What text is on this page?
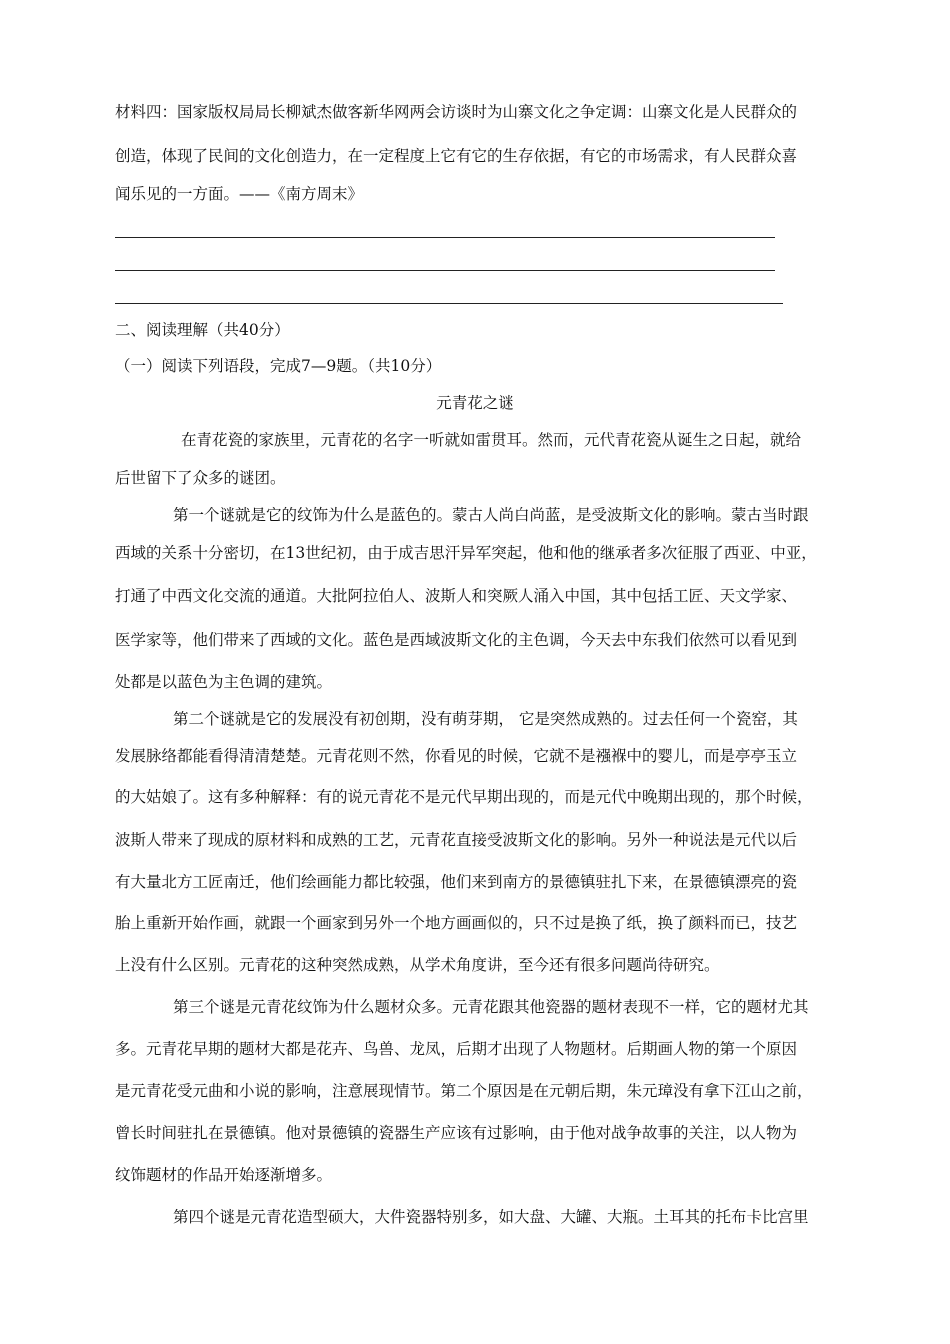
材料四：国家版权局局长柳斌杰做客新华网两会访谈时为山寨文化之争定调：山寨文化是人民群众的
创造，体现了民间的文化创造力，在一定程度上它有它的生存依据，有它的市场需求，有人民群众喜
闻乐见的一方面。——《南方周末》
二、阅读理解（共40分）
（一）阅读下列语段，完成7—9题。（共10分）
元青花之谜
在青花瓷的家族里，元青花的名字一听就如雷贯耳。然而，元代青花瓷从诞生之日起，就给
后世留下了众多的谜团。
第一个谜就是它的纹饰为什么是蓝色的。蒙古人尚白尚蓝，是受波斯文化的影响。蒙古当时跟
西域的关系十分密切，在13世纪初，由于成吉思汗异军突起，他和他的继承者多次征服了西亚、中亚，
打通了中西文化交流的通道。大批阿拉伯人、波斯人和突厥人涌入中国，其中包括工匠、天文学家、
医学家等，他们带来了西域的文化。蓝色是西域波斯文化的主色调，今天去中东我们依然可以看见到
处都是以蓝色为主色调的建筑。
第二个谜就是它的发展没有初创期，没有萌芽期， 它是突然成熟的。过去任何一个瓷窑，其
发展脉络都能看得清清楚楚。元青花则不然，你看见的时候，它就不是襁褓中的婴儿，而是亭亭玉立
的大姑娘了。这有多种解释：有的说元青花不是元代早期出现的，而是元代中晚期出现的，那个时候，
波斯人带来了现成的原材料和成熟的工艺，元青花直接受波斯文化的影响。另外一种说法是元代以后
有大量北方工匠南迁，他们绘画能力都比较强，他们来到南方的景德镇驻扎下来，在景德镇漂亮的瓷
胎上重新开始作画，就跟一个画家到另外一个地方画画似的，只不过是换了纸，换了颜料而已，技艺
上没有什么区别。元青花的这种突然成熟，从学术角度讲，至今还有很多问题尚待研究。
第三个谜是元青花纹饰为什么题材众多。元青花跟其他瓷器的题材表现不一样，它的题材尤其
多。元青花早期的题材大都是花卉、鸟兽、龙凤，后期才出现了人物题材。后期画人物的第一个原因
是元青花受元曲和小说的影响，注意展现情节。第二个原因是在元朝后期，朱元璋没有拿下江山之前，
曾长时间驻扎在景德镇。他对景德镇的瓷器生产应该有过影响，由于他对战争故事的关注，以人物为
纹饰题材的作品开始逐渐增多。
第四个谜是元青花造型硕大，大件瓷器特别多，如大盘、大罐、大瓶。土耳其的托布卡比宫里
